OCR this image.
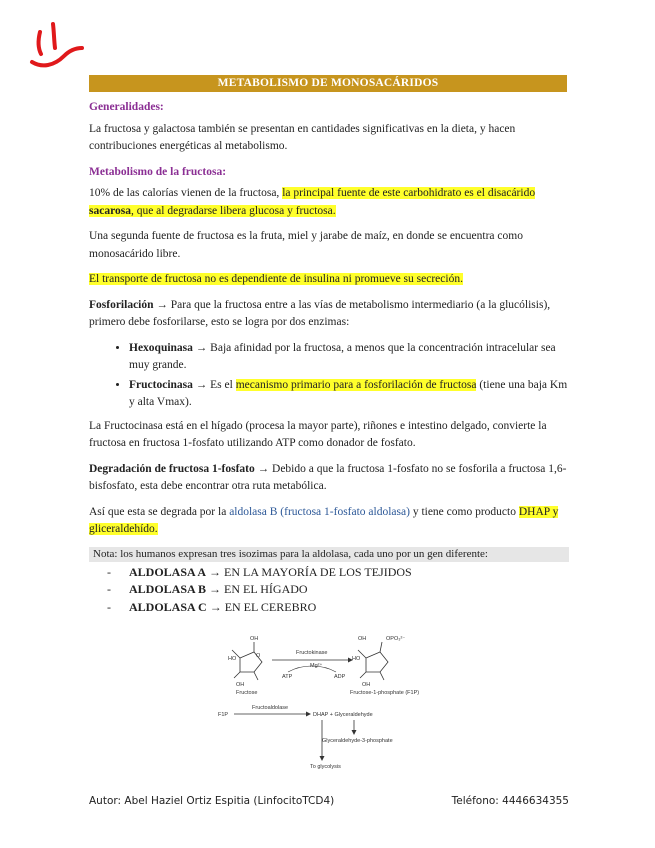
METABOLISMO DE MONOSACÁRIDOS
Generalidades:

La fructosa y galactosa también se presentan en cantidades significativas en la dieta, y hacen contribuciones energéticas al metabolismo.

Metabolismo de la fructosa:

10% de las calorías vienen de la fructosa, la principal fuente de este carbohidrato es el disacárido sacarosa, que al degradarse libera glucosa y fructosa.

Una segunda fuente de fructosa es la fruta, miel y jarabe de maíz, en donde se encuentra como monosacárido libre.

El transporte de fructosa no es dependiente de insulina ni promueve su secreción.

Fosforilación → Para que la fructosa entre a las vías de metabolismo intermediario (a la glucólisis), primero debe fosforilarse, esto se logra por dos enzimas:

• Hexoquinasa → Baja afinidad por la fructosa, a menos que la concentración intracelular sea muy grande.
• Fructocinasa → Es el mecanismo primario para a fosforilación de fructosa (tiene una baja Km y alta Vmax).

La Fructocinasa está en el hígado (procesa la mayor parte), riñones e intestino delgado, convierte la fructosa en fructosa 1-fosfato utilizando ATP como donador de fosfato.

Degradación de fructosa 1-fosfato → Debido a que la fructosa 1-fosfato no se fosforila a fructosa 1,6-bisfosfato, esta debe encontrar otra ruta metabólica.

Así que esta se degrada por la aldolasa B (fructosa 1-fosfato aldolasa) y tiene como producto DHAP y gliceraldehído.

Nota: los humanos expresan tres isozimas para la aldolasa, cada uno por un gen diferente:
- ALDOLASA A → EN LA MAYORÍA DE LOS TEJIDOS
- ALDOLASA B → EN EL HÍGADO
- ALDOLASA C → EN EL CEREBRO
O
HO
OH
OH
Fructose
Fructokinase
Mg²⁺
ATP	ADP
OPO₃²⁻
OH
HO
OH
Fructose-1-phosphate (F1P)
F1P
Fructoaldolase
DHAP + Glyceraldehyde
Glyceraldehyde-3-phosphate
To glycolysis
Autor: Abel Haziel Ortiz Espitia (LinfocitoTCD4)	Teléfono: 4446634355
